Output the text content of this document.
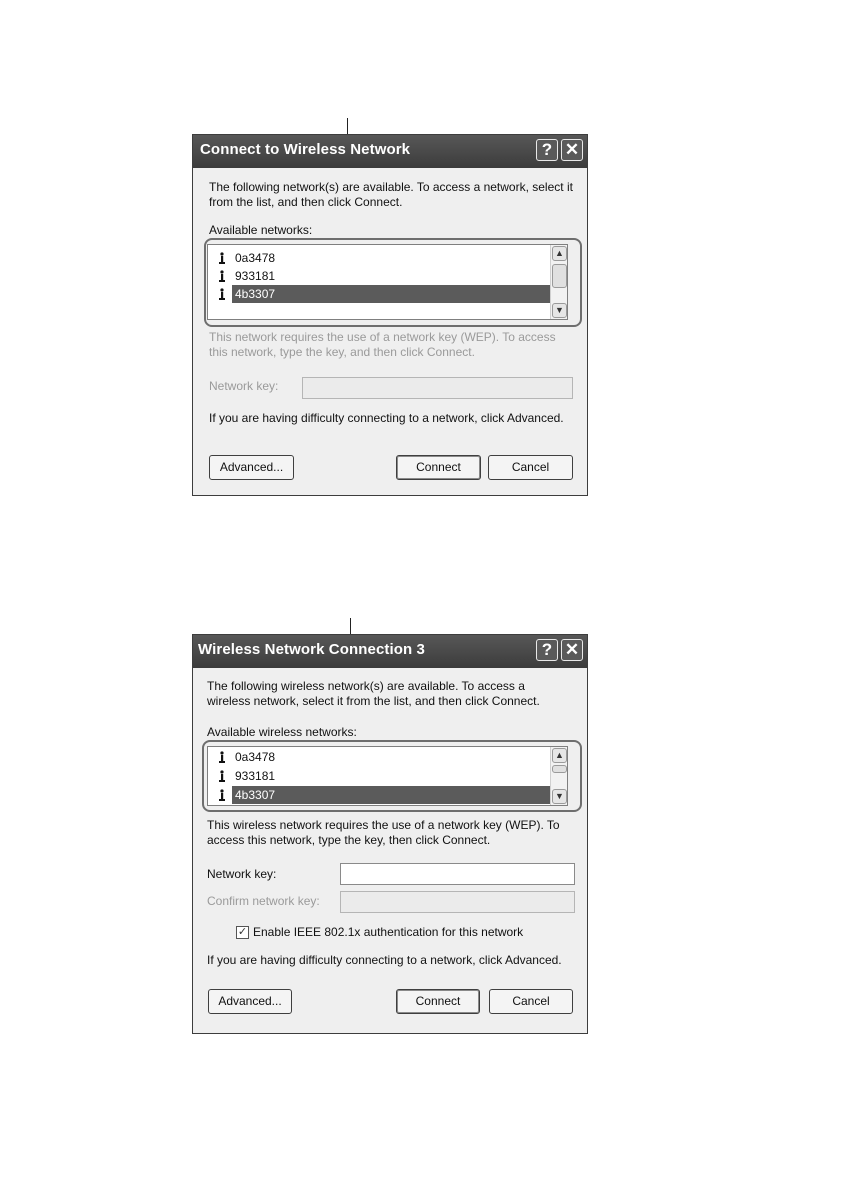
Connect to Wireless Network	? ✕
The following network(s) are available. To access a network, select it from the list, and then click Connect.
Available networks:
0a3478
933181
4b3307
▲
▼
This network requires the use of a network key (WEP). To access this network, type the key, and then click Connect.
Network key:
If you are having difficulty connecting to a network, click Advanced.
Advanced...	Connect	Cancel
Wireless Network Connection 3	? ✕
The following wireless network(s) are available. To access a wireless network, select it from the list, and then click Connect.
Available wireless networks:
0a3478
933181
4b3307
▲
▼
This wireless network requires the use of a network key (WEP). To access this network, type the key, then click Connect.
Network key:
Confirm network key:
✓ Enable IEEE 802.1x authentication for this network
If you are having difficulty connecting to a network, click Advanced.
Advanced...	Connect	Cancel
